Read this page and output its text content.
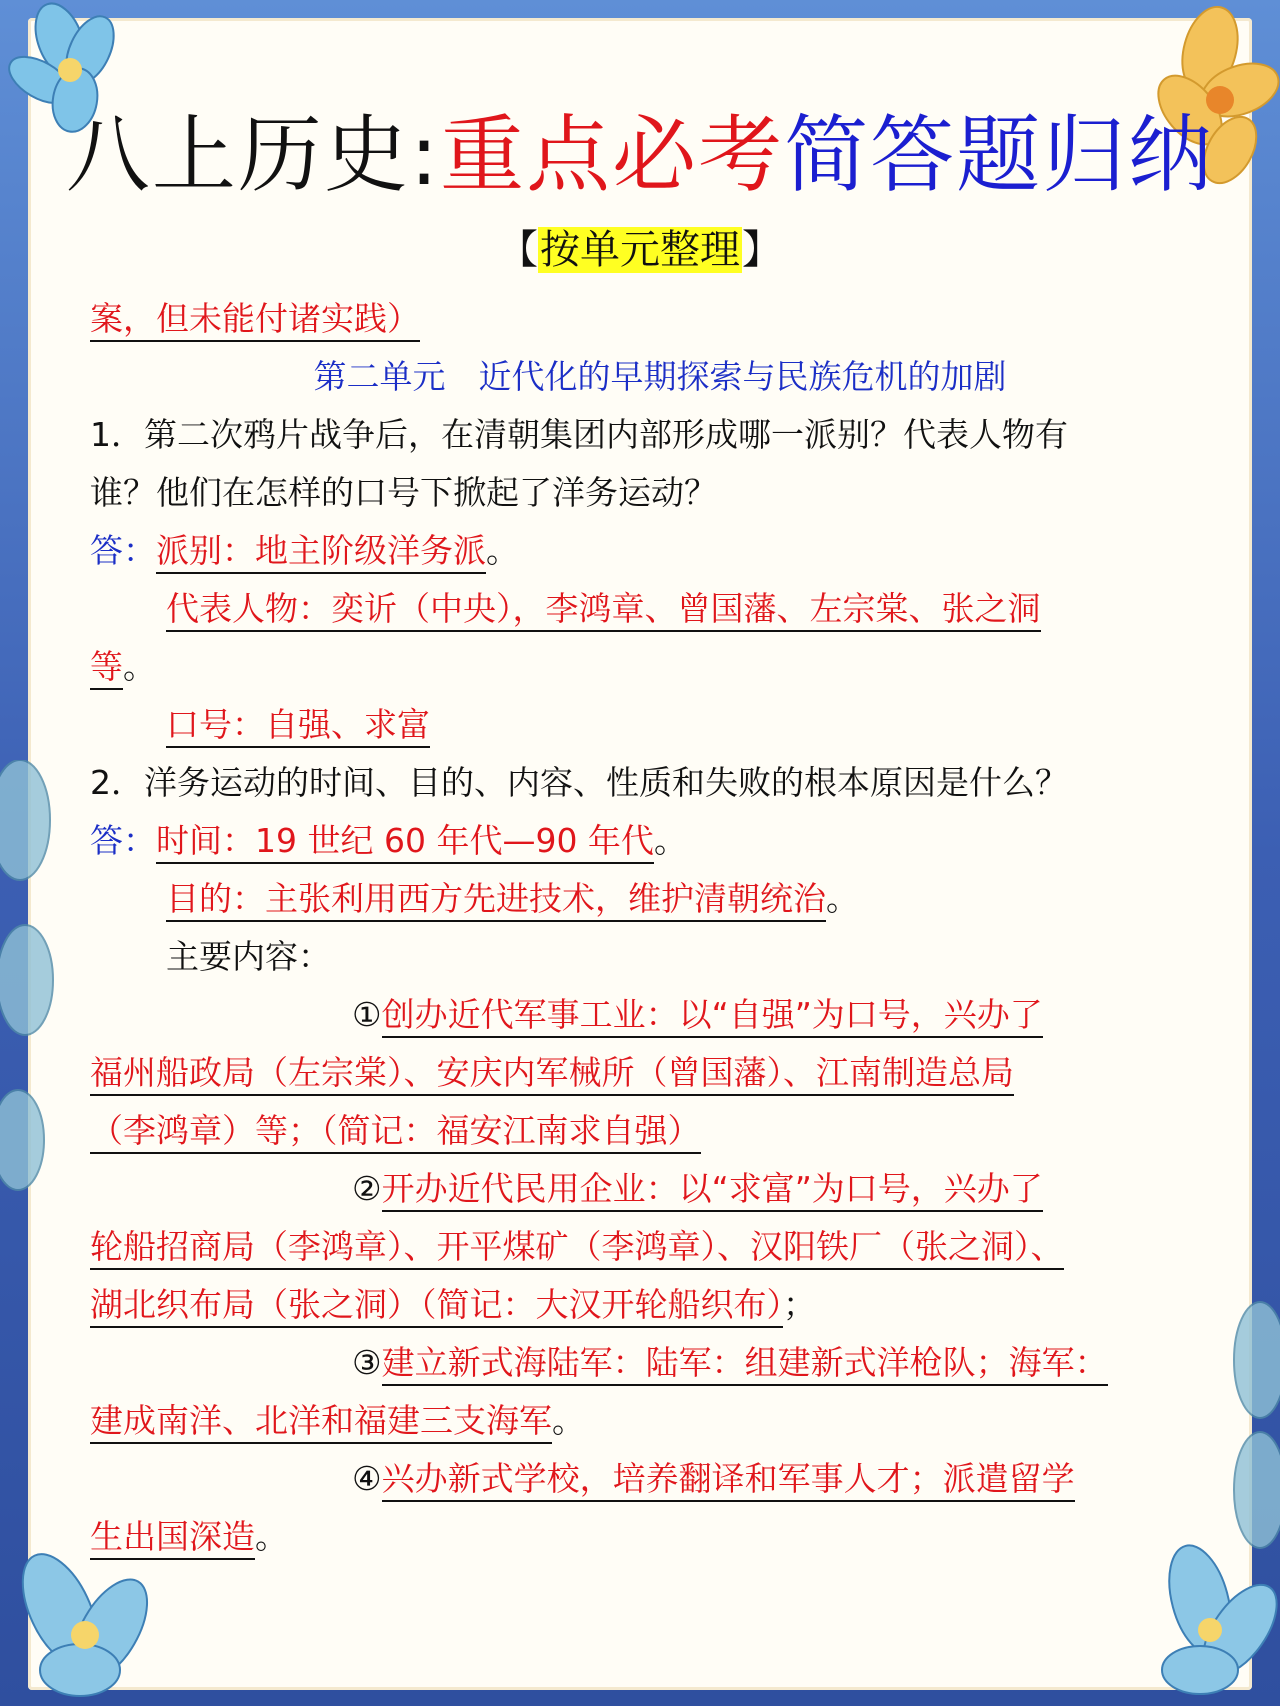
八上历史:重点必考简答题归纳
【按单元整理】
案，但未能付诸实践）
第二单元　近代化的早期探索与民族危机的加剧
1．第二次鸦片战争后，在清朝集团内部形成哪一派别？代表人物有
谁？他们在怎样的口号下掀起了洋务运动？
答：派别：地主阶级洋务派。
代表人物：奕䜣（中央），李鸿章、曾国藩、左宗棠、张之洞
等。
口号：自强、求富
2．洋务运动的时间、目的、内容、性质和失败的根本原因是什么？
答：时间：19 世纪 60 年代—90 年代。
目的：主张利用西方先进技术，维护清朝统治。
主要内容：
①创办近代军事工业：以“自强”为口号，兴办了
福州船政局（左宗棠）、安庆内军械所（曾国藩）、江南制造总局
（李鸿章）等；（简记：福安江南求自强）
②开办近代民用企业：以“求富”为口号，兴办了
轮船招商局（李鸿章）、开平煤矿（李鸿章）、汉阳铁厂（张之洞）、
湖北织布局（张之洞）（简记：大汉开轮船织布）；
③建立新式海陆军：陆军：组建新式洋枪队；海军：
建成南洋、北洋和福建三支海军。
④兴办新式学校，培养翻译和军事人才；派遣留学
生出国深造。
